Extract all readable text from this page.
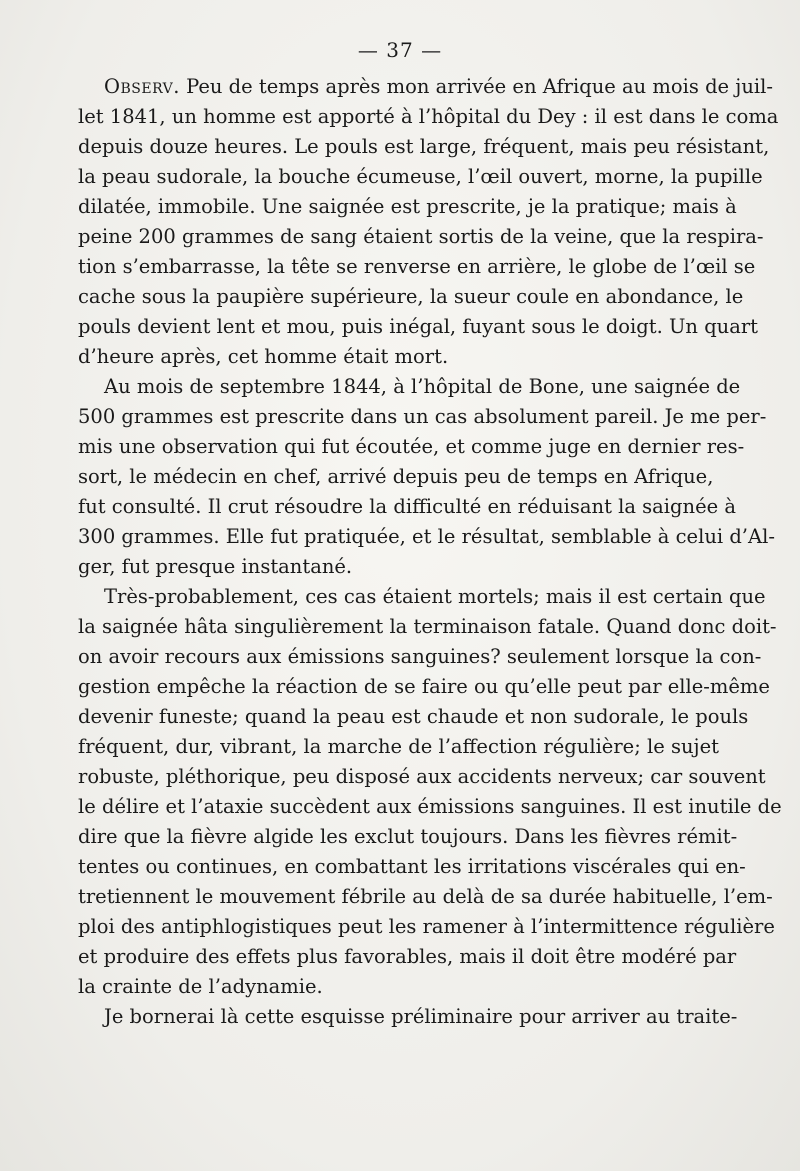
— 37 —
Observ. Peu de temps après mon arrivée en Afrique au mois de juil-
let 1841, un homme est apporté à l’hôpital du Dey : il est dans le coma
depuis douze heures. Le pouls est large, fréquent, mais peu résistant,
la peau sudorale, la bouche écumeuse, l’œil ouvert, morne, la pupille
dilatée, immobile. Une saignée est prescrite, je la pratique; mais à
peine 200 grammes de sang étaient sortis de la veine, que la respira-
tion s’embarrasse, la tête se renverse en arrière, le globe de l’œil se
cache sous la paupière supérieure, la sueur coule en abondance, le
pouls devient lent et mou, puis inégal, fuyant sous le doigt. Un quart
d’heure après, cet homme était mort.
Au mois de septembre 1844, à l’hôpital de Bone, une saignée de
500 grammes est prescrite dans un cas absolument pareil. Je me per-
mis une observation qui fut écoutée, et comme juge en dernier res-
sort, le médecin en chef, arrivé depuis peu de temps en Afrique,
fut consulté. Il crut résoudre la difficulté en réduisant la saignée à
300 grammes. Elle fut pratiquée, et le résultat, semblable à celui d’Al-
ger, fut presque instantané.
Très-probablement, ces cas étaient mortels; mais il est certain que
la saignée hâta singulièrement la terminaison fatale. Quand donc doit-
on avoir recours aux émissions sanguines? seulement lorsque la con-
gestion empêche la réaction de se faire ou qu’elle peut par elle-même
devenir funeste; quand la peau est chaude et non sudorale, le pouls
fréquent, dur, vibrant, la marche de l’affection régulière; le sujet
robuste, pléthorique, peu disposé aux accidents nerveux; car souvent
le délire et l’ataxie succèdent aux émissions sanguines. Il est inutile de
dire que la fièvre algide les exclut toujours. Dans les fièvres rémit-
tentes ou continues, en combattant les irritations viscérales qui en-
tretiennent le mouvement fébrile au delà de sa durée habituelle, l’em-
ploi des antiphlogistiques peut les ramener à l’intermittence régulière
et produire des effets plus favorables, mais il doit être modéré par
la crainte de l’adynamie.
Je bornerai là cette esquisse préliminaire pour arriver au traite-
